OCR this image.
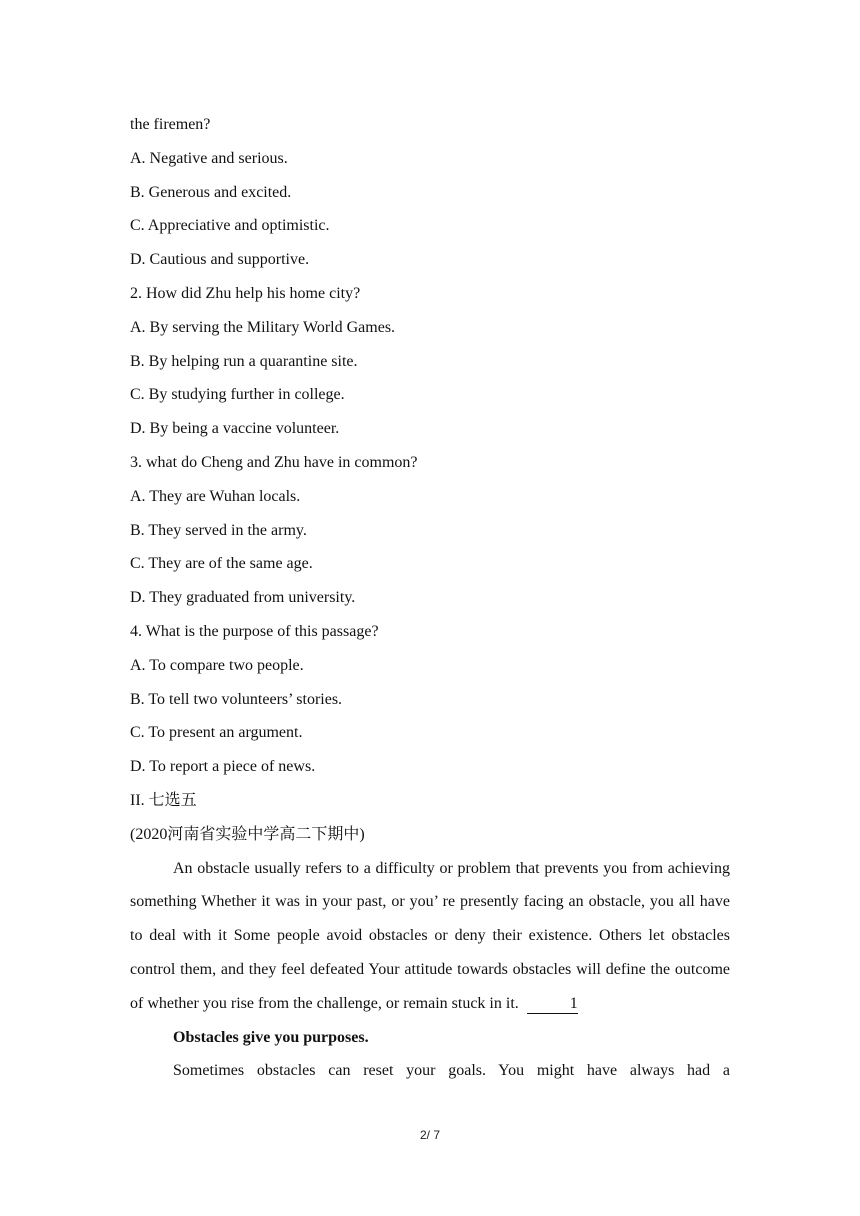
the firemen?
A. Negative and serious.
B. Generous and excited.
C. Appreciative and optimistic.
D. Cautious and supportive.
2. How did Zhu help his home city?
A. By serving the Military World Games.
B. By helping run a quarantine site.
C. By studying further in college.
D. By being a vaccine volunteer.
3. what do Cheng and Zhu have in common?
A. They are Wuhan locals.
B. They served in the army.
C. They are of the same age.
D. They graduated from university.
4. What is the purpose of this passage?
A. To compare two people.
B. To tell two volunteers’ stories.
C. To present an argument.
D. To report a piece of news.
II. 七选五
(2020河南省实验中学高二下期中)

An obstacle usually refers to a difficulty or problem that prevents you from achieving something Whether it was in your past, or you’ re presently facing an obstacle, you all have to deal with it Some people avoid obstacles or deny their existence. Others let obstacles control them, and they feel defeated Your attitude towards obstacles will define the outcome of whether you rise from the challenge, or remain stuck in it.	1

Obstacles give you purposes.

Sometimes obstacles can reset your goals. You might have always had a

2/ 7
